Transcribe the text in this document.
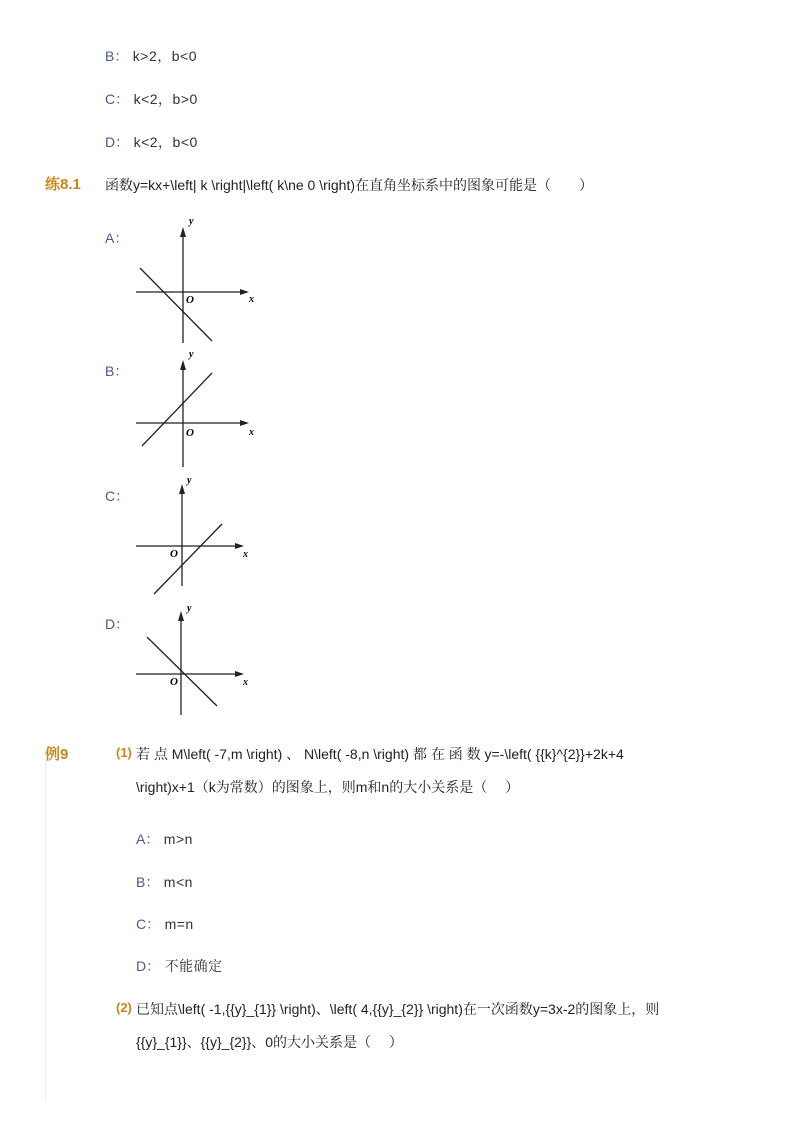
B： k>2，b<0
C： k<2，b>0
D： k<2，b<0
练8.1 函数y=kx+\left| k \right|\left( k\ne 0 \right)在直角坐标系中的图象可能是（　　）
A：
y
x
O
B：
y
x
O
C：
y
x
O
D：
y
x
O
例9	(1) 若 点 M\left( -7,m \right) 、 N\left( -8,n \right) 都 在 函 数 y=-\left( {{k}^{2}}+2k+4
\right)x+1（k为常数）的图象上，则m和n的大小关系是（　 ）
A： m>n
B： m<n
C： m=n
D： 不能确定
(2) 已知点\left( -1,{{y}_{1}} \right)、\left( 4,{{y}_{2}} \right)在一次函数y=3x-2的图象上，则
{{y}_{1}}、{{y}_{2}}、0的大小关系是（　 ）
